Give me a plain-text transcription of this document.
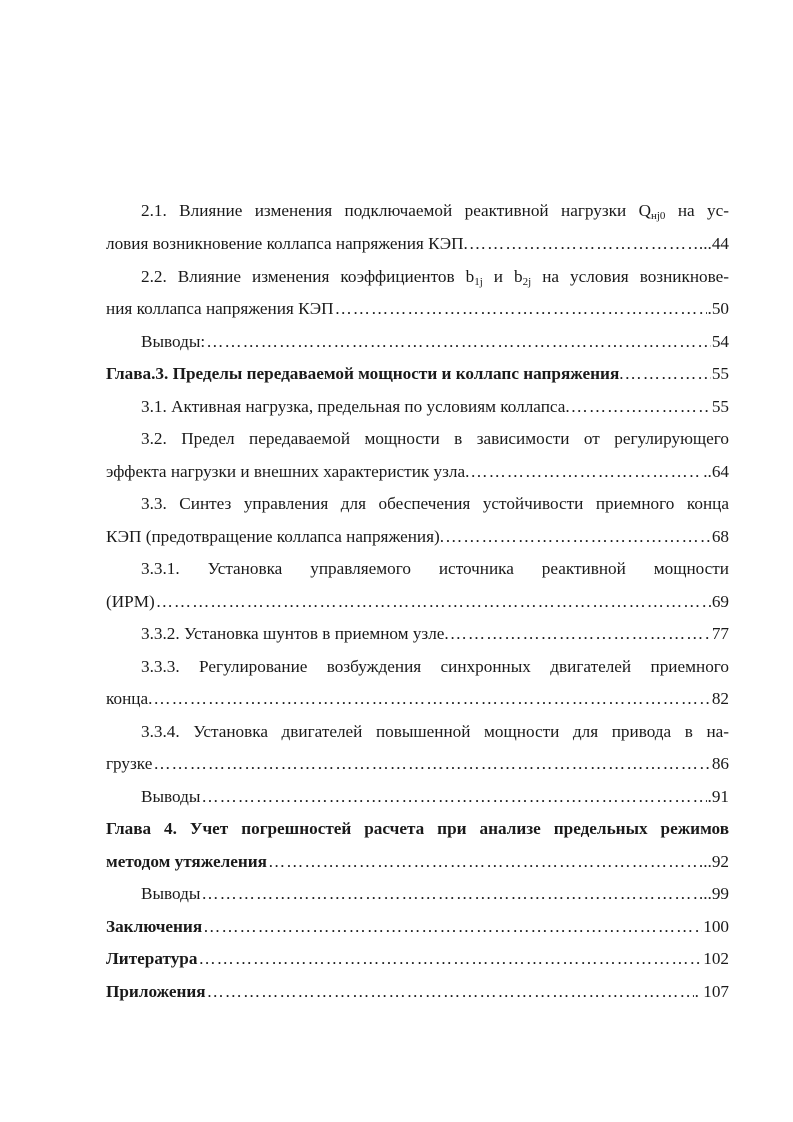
2.1. Влияние изменения подключаемой реактивной нагрузки $Q_{нj0}$ на ус-
ловия возникновение коллапса напряжения КЭП. ……………………………………………………………………………………………………………………………………………………	...44
2.2. Влияние изменения коэффициентов $b_{1j}$ и $b_{2j}$ на условия возникнове-
ния коллапса напряжения КЭП ……………………………………………………………………………………………………………………………………………………	.50
Выводы: ……………………………………………………………………………………………………………………………………………………	54
Глава.3. Пределы передаваемой мощности и коллапс напряжения . ……………………………………………………………………………………………………………………………………………………	55
3.1. Активная нагрузка, предельная по условиям коллапса. ……………………………………………………………………………………………………………………………………………………	55
3.2. Предел передаваемой мощности в зависимости от регулирующего
эффекта нагрузки и внешних характеристик узла. ……………………………………………………………………………………………………………………………………………………	..64
3.3. Синтез управления для обеспечения устойчивости приемного конца
КЭП (предотвращение коллапса напряжения). ……………………………………………………………………………………………………………………………………………………	68
3.3.1. Установка управляемого источника реактивной мощности
(ИРМ) ……………………………………………………………………………………………………………………………………………………	69
3.3.2. Установка шунтов в приемном узле. ……………………………………………………………………………………………………………………………………………………	77
3.3.3. Регулирование возбуждения синхронных двигателей приемного
конца. ……………………………………………………………………………………………………………………………………………………	82
3.3.4. Установка двигателей повышенной мощности для привода в на-
грузке ……………………………………………………………………………………………………………………………………………………	86
Выводы ……………………………………………………………………………………………………………………………………………………	.91
Глава 4. Учет погрешностей расчета при анализе предельных режимов
методом утяжеления ……………………………………………………………………………………………………………………………………………………	...92
Выводы ……………………………………………………………………………………………………………………………………………………	..99
Заключения ……………………………………………………………………………………………………………………………………………………	100
Литература ……………………………………………………………………………………………………………………………………………………	102
Приложения ……………………………………………………………………………………………………………………………………………………	. 107
